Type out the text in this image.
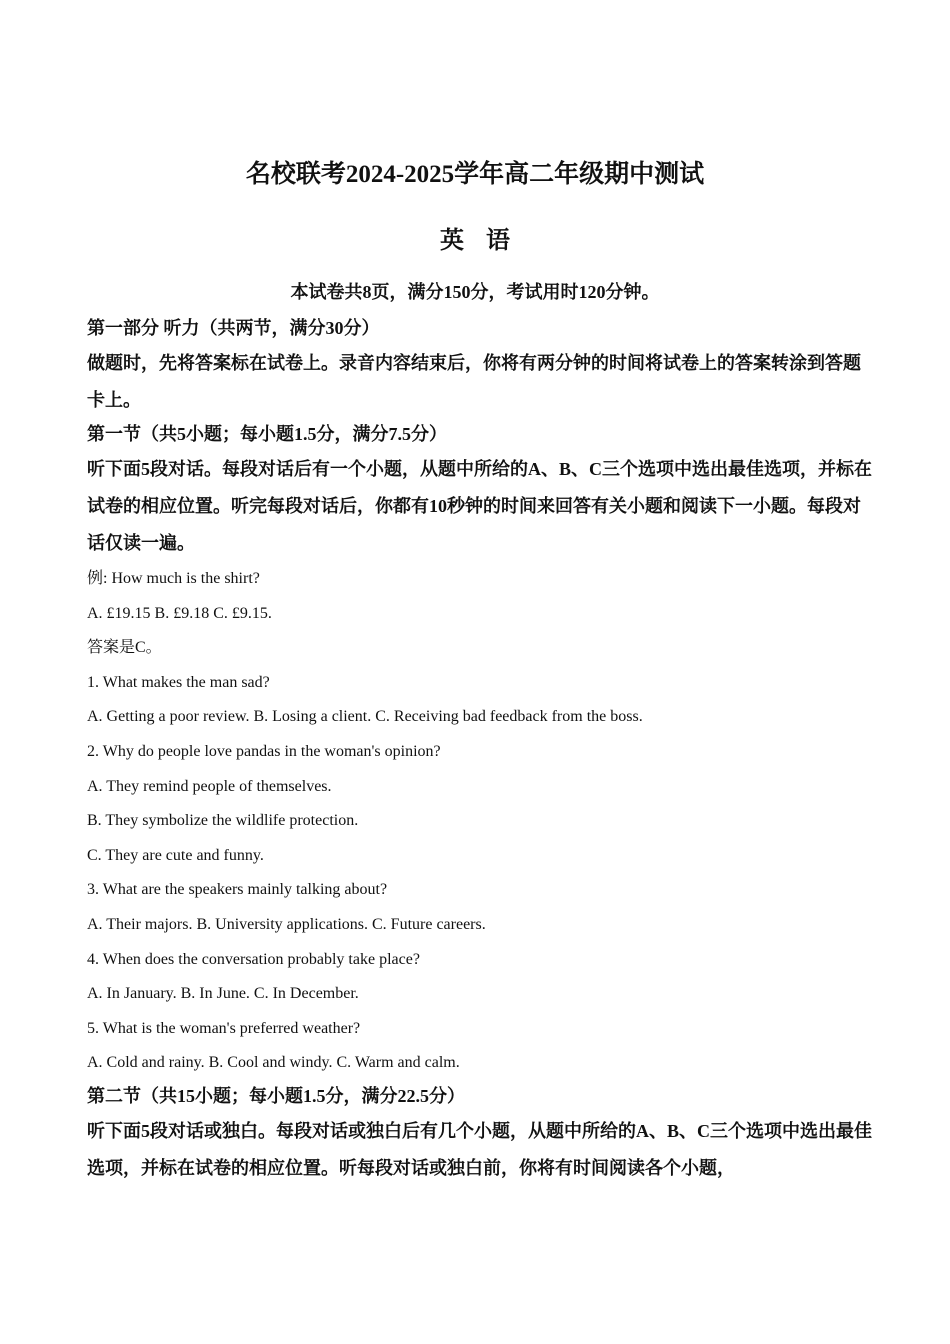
名校联考2024-2025学年高二年级期中测试
英语
本试卷共8页，满分150分，考试用时120分钟。

第一部分 听力（共两节，满分30分）

做题时，先将答案标在试卷上。录音内容结束后，你将有两分钟的时间将试卷上的答案转涂到答题卡上。

第一节（共5小题；每小题1.5分，满分7.5分）

听下面5段对话。每段对话后有一个小题，从题中所给的A、B、C三个选项中选出最佳选项，并标在试卷的相应位置。听完每段对话后，你都有10秒钟的时间来回答有关小题和阅读下一小题。每段对话仅读一遍。

例: How much is the shirt?

A. £19.15 B. £9.18 C. £9.15.

答案是C。

1. What makes the man sad?

A. Getting a poor review. B. Losing a client. C. Receiving bad feedback from the boss.

2. Why do people love pandas in the woman's opinion?

A. They remind people of themselves.

B. They symbolize the wildlife protection.

C. They are cute and funny.

3. What are the speakers mainly talking about?

A. Their majors. B. University applications. C. Future careers.

4. When does the conversation probably take place?

A. In January. B. In June. C. In December.

5. What is the woman's preferred weather?

A. Cold and rainy. B. Cool and windy. C. Warm and calm.

第二节（共15小题；每小题1.5分，满分22.5分）

听下面5段对话或独白。每段对话或独白后有几个小题，从题中所给的A、B、C三个选项中选出最佳选项，并标在试卷的相应位置。听每段对话或独白前，你将有时间阅读各个小题，
